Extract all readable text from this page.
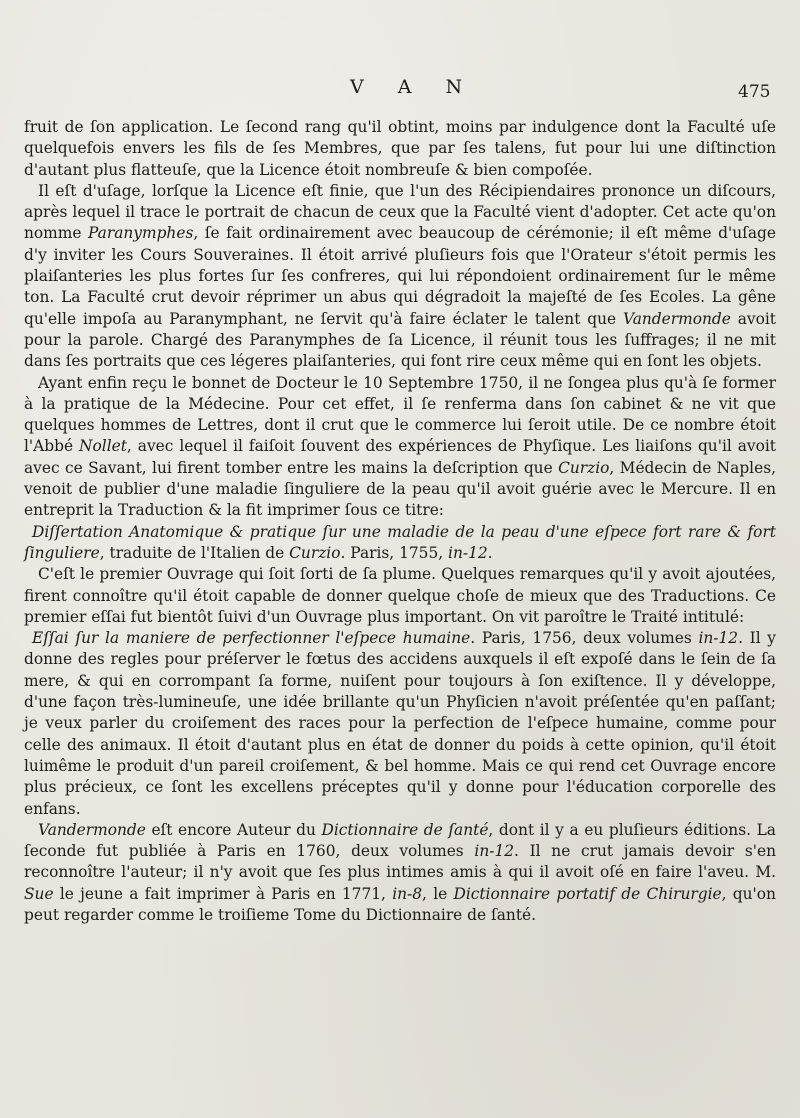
V A N	475

fruit de ſon application. Le ſecond rang qu'il obtint, moins par indulgence dont la Faculté uſe quelquefois envers les fils de ſes Membres, que par ſes talens, fut pour lui une diſtinction d'autant plus flatteuſe, que la Licence étoit nombreuſe & bien compoſée.

Il eſt d'uſage, lorſque la Licence eſt finie, que l'un des Récipiendaires prononce un diſcours, après lequel il trace le portrait de chacun de ceux que la Faculté vient d'adopter. Cet acte qu'on nomme Paranymphes, ſe fait ordinairement avec beaucoup de cérémonie; il eſt même d'uſage d'y inviter les Cours Souveraines. Il étoit arrivé pluſieurs fois que l'Orateur s'étoit permis les plaiſanteries les plus fortes ſur ſes confreres, qui lui répondoient ordinairement ſur le même ton. La Faculté crut devoir réprimer un abus qui dégradoit la majeſté de ſes Ecoles. La gêne qu'elle impoſa au Paranymphant, ne ſervit qu'à faire éclater le talent que Vandermonde avoit pour la parole. Chargé des Paranymphes de ſa Licence, il réunit tous les ſuffrages; il ne mit dans ſes portraits que ces légeres plaiſanteries, qui font rire ceux même qui en ſont les objets.

Ayant enfin reçu le bonnet de Docteur le 10 Septembre 1750, il ne ſongea plus qu'à ſe former à la pratique de la Médecine. Pour cet effet, il ſe renferma dans ſon cabinet & ne vit que quelques hommes de Lettres, dont il crut que le commerce lui ſeroit utile. De ce nombre étoit l'Abbé Nollet, avec lequel il faiſoit ſouvent des expériences de Phyſique. Les liaiſons qu'il avoit avec ce Savant, lui firent tomber entre les mains la deſcription que Curzio, Médecin de Naples, venoit de publier d'une maladie ſinguliere de la peau qu'il avoit guérie avec le Mercure. Il en entreprit la Traduction & la fit imprimer ſous ce titre:

Diſſertation Anatomique & pratique ſur une maladie de la peau d'une eſpece fort rare & fort ſinguliere, traduite de l'Italien de Curzio. Paris, 1755, in-12.

C'eſt le premier Ouvrage qui ſoit ſorti de ſa plume. Quelques remarques qu'il y avoit ajoutées, firent connoître qu'il étoit capable de donner quelque choſe de mieux que des Traductions. Ce premier eſſai fut bientôt ſuivi d'un Ouvrage plus important. On vit paroître le Traité intitulé:

Eſſai ſur la maniere de perfectionner l'eſpece humaine. Paris, 1756, deux volumes in-12. Il y donne des regles pour préſerver le fœtus des accidens auxquels il eſt expoſé dans le ſein de ſa mere, & qui en corrompant ſa forme, nuiſent pour toujours à ſon exiſtence. Il y développe, d'une façon très-lumineuſe, une idée brillante qu'un Phyſicien n'avoit préſentée qu'en paſſant; je veux parler du croiſement des races pour la perfection de l'eſpece humaine, comme pour celle des animaux. Il étoit d'autant plus en état de donner du poids à cette opinion, qu'il étoit luimême le produit d'un pareil croiſement, & bel homme. Mais ce qui rend cet Ouvrage encore plus précieux, ce ſont les excellens préceptes qu'il y donne pour l'éducation corporelle des enfans.

Vandermonde eſt encore Auteur du Dictionnaire de ſanté, dont il y a eu pluſieurs éditions. La ſeconde fut publiée à Paris en 1760, deux volumes in-12. Il ne crut jamais devoir s'en reconnoître l'auteur; il n'y avoit que ſes plus intimes amis à qui il avoit oſé en faire l'aveu. M. Sue le jeune a fait imprimer à Paris en 1771, in-8, le Dictionnaire portatif de Chirurgie, qu'on peut regarder comme le troiſieme Tome du Dictionnaire de ſanté.
